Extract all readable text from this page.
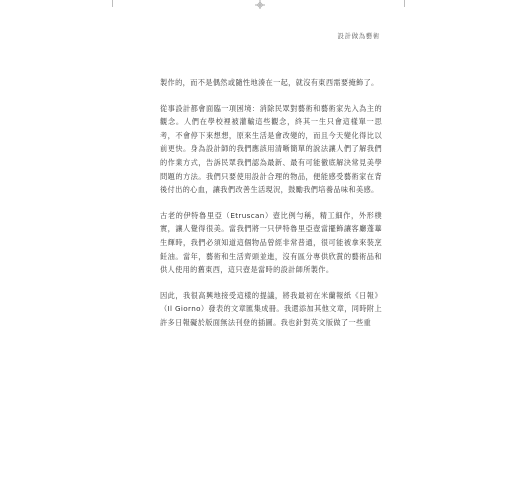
設計做為藝術

製作的，而不是偶然或隨性地湊在一起，就沒有東西需要掩飾了。

從事設計都會面臨一項困境：消除民眾對藝術和藝術家先入為主的觀念。人們在學校裡被灌輸這些觀念，終其一生只會這樣單一思考，不會停下來想想，原來生活是會改變的，而且今天變化得比以前更快。身為設計師的我們應該用清晰簡單的說法讓人們了解我們的作業方式，告訴民眾我們認為最新、最有可能徹底解決常見美學問題的方法。我們只要使用設計合理的物品，便能感受藝術家在背後付出的心血，讓我們改善生活現況，鼓勵我們培養品味和美感。

古老的伊特魯里亞（Etruscan）壺比例勻稱，精工細作，外形樸實，讓人覺得很美。當我們將一只伊特魯里亞壺當擺飾讓客廳蓬蓽生輝時，我們必須知道這個物品曾經非常普通，很可能被拿來裝烹飪油。當年，藝術和生活齊頭並進，沒有區分專供欣賞的藝術品和供人使用的舊東西，這只壺是當時的設計師所製作。

因此，我很高興地接受這樣的提議，將我最初在米蘭報紙《日報》（Il Giorno）發表的文章匯集成冊。我還添加其他文章，同時附上許多日報礙於版面無法刊登的插圖。我也針對英文版做了一些重
